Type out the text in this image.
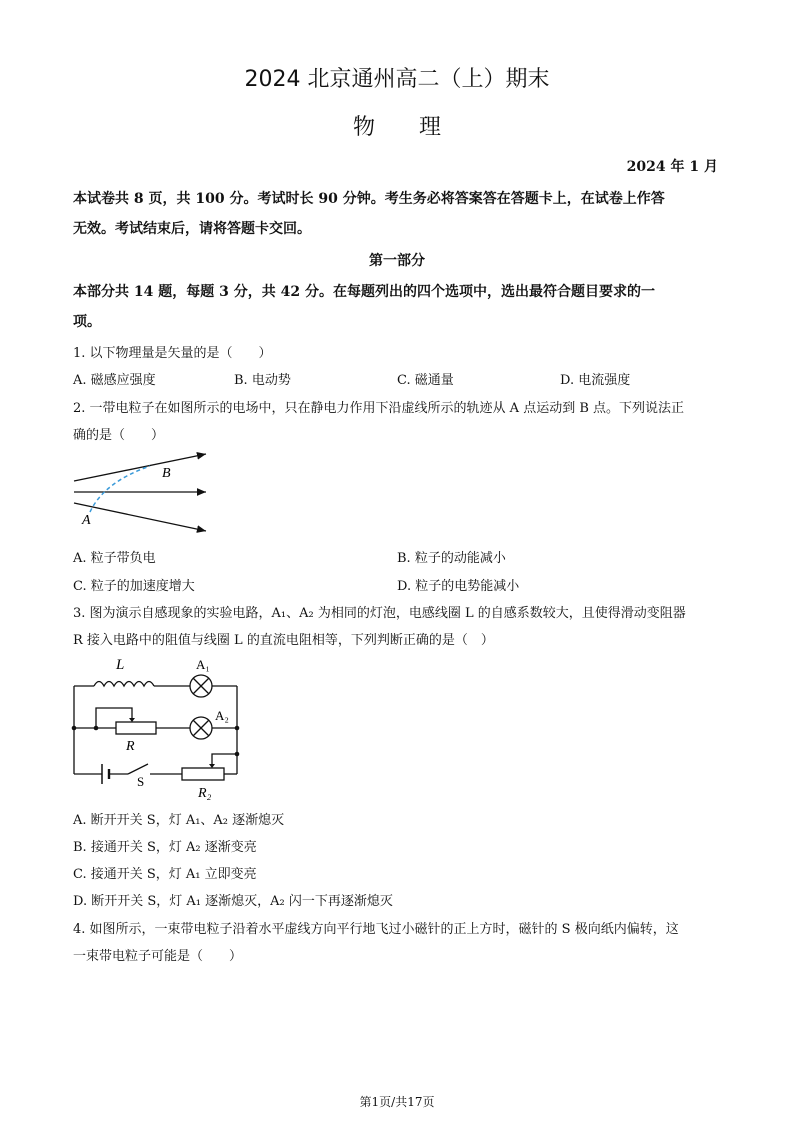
2024 北京通州高二（上）期末
物　　理
2024 年 1 月
本试卷共 8 页，共 100 分。考试时长 90 分钟。考生务必将答案答在答题卡上，在试卷上作答
无效。考试结束后，请将答题卡交回。
第一部分
本部分共 14 题，每题 3 分，共 42 分。在每题列出的四个选项中，选出最符合题目要求的一
项。
1. 以下物理量是矢量的是（　　）
A. 磁感应强度	B. 电动势	C. 磁通量	D. 电流强度
2. 一带电粒子在如图所示的电场中，只在静电力作用下沿虚线所示的轨迹从 A 点运动到 B 点。下列说法正
确的是（　　）
A
B
A. 粒子带负电	B. 粒子的动能减小
C. 粒子的加速度增大	D. 粒子的电势能减小
3. 图为演示自感现象的实验电路，A₁、A₂ 为相同的灯泡，电感线圈 L 的自感系数较大，且使得滑动变阻器
R 接入电路中的阻值与线圈 L 的直流电阻相等，下列判断正确的是（　）
L	A₁
A₂
R
S
R₂
A. 断开开关 S，灯 A₁、A₂ 逐渐熄灭
B. 接通开关 S，灯 A₂ 逐渐变亮
C. 接通开关 S，灯 A₁ 立即变亮
D. 断开开关 S，灯 A₁ 逐渐熄灭，A₂ 闪一下再逐渐熄灭
4. 如图所示，一束带电粒子沿着水平虚线方向平行地飞过小磁针的正上方时，磁针的 S 极向纸内偏转，这
一束带电粒子可能是（　　）
第1页/共17页
